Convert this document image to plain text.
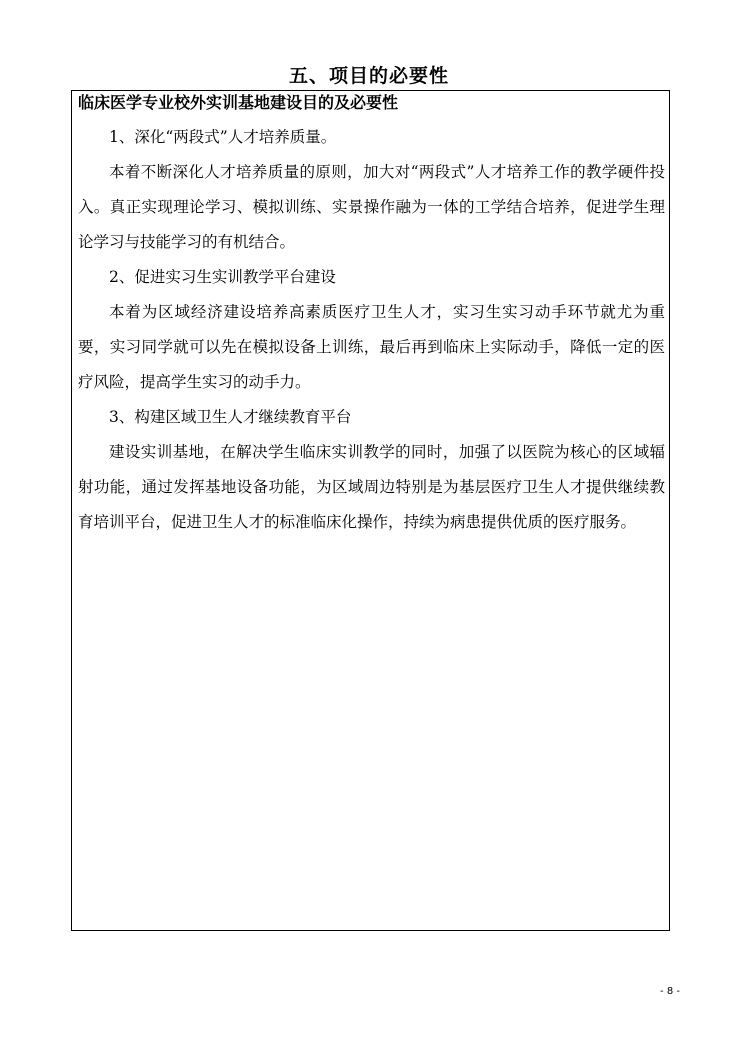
五、项目的必要性
临床医学专业校外实训基地建设目的及必要性

1、深化“两段式”人才培养质量。

本着不断深化人才培养质量的原则，加大对“两段式”人才培养工作的教学硬件投入。真正实现理论学习、模拟训练、实景操作融为一体的工学结合培养，促进学生理论学习与技能学习的有机结合。

2、促进实习生实训教学平台建设

本着为区域经济建设培养高素质医疗卫生人才，实习生实习动手环节就尤为重要，实习同学就可以先在模拟设备上训练，最后再到临床上实际动手，降低一定的医疗风险，提高学生实习的动手力。

3、构建区域卫生人才继续教育平台

建设实训基地，在解决学生临床实训教学的同时，加强了以医院为核心的区域辐射功能，通过发挥基地设备功能，为区域周边特别是为基层医疗卫生人才提供继续教育培训平台，促进卫生人才的标准临床化操作，持续为病患提供优质的医疗服务。

- 8 -
